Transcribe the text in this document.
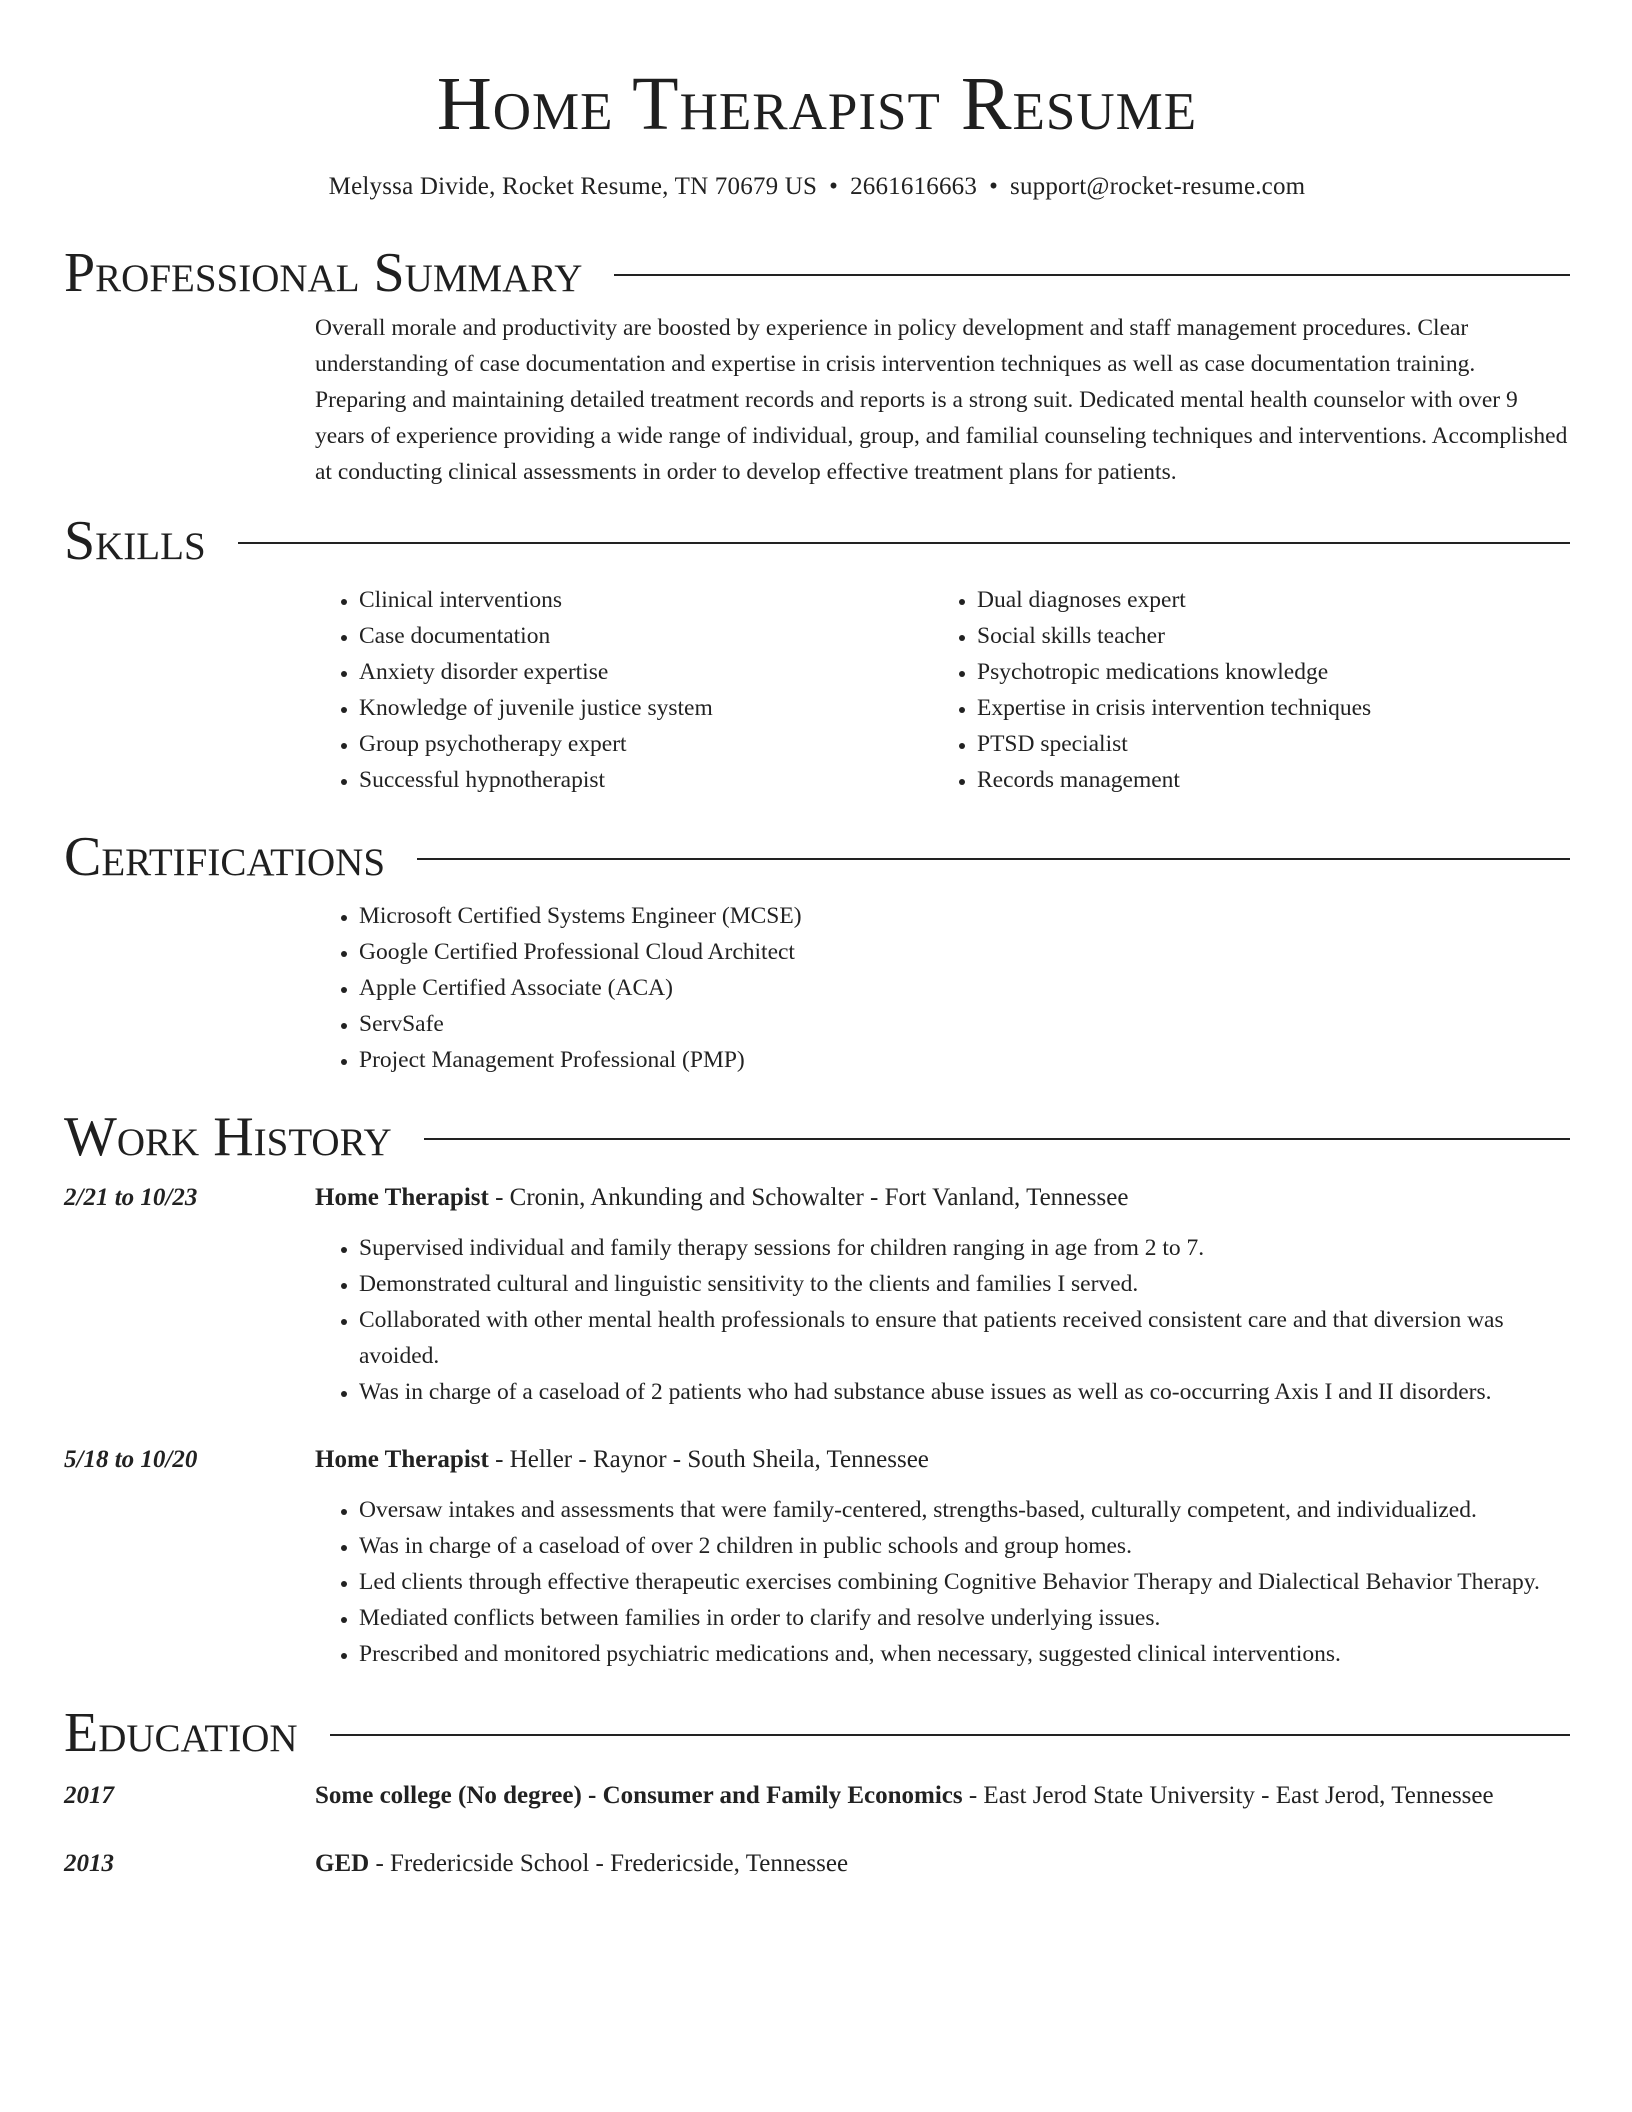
Home Therapist Resume
Melyssa Divide, Rocket Resume, TN 70679 US • 2661616663 • support@rocket-resume.com
Professional Summary

Overall morale and productivity are boosted by experience in policy development and staff management procedures. Clear understanding of case documentation and expertise in crisis intervention techniques as well as case documentation training. Preparing and maintaining detailed treatment records and reports is a strong suit. Dedicated mental health counselor with over 9 years of experience providing a wide range of individual, group, and familial counseling techniques and interventions. Accomplished at conducting clinical assessments in order to develop effective treatment plans for patients.

Skills
• Clinical interventions
• Case documentation
• Anxiety disorder expertise
• Knowledge of juvenile justice system
• Group psychotherapy expert
• Successful hypnotherapist
• Dual diagnoses expert
• Social skills teacher
• Psychotropic medications knowledge
• Expertise in crisis intervention techniques
• PTSD specialist
• Records management
Certifications
• Microsoft Certified Systems Engineer (MCSE)
• Google Certified Professional Cloud Architect
• Apple Certified Associate (ACA)
• ServSafe
• Project Management Professional (PMP)
Work History
2/21 to 10/23	Home Therapist - Cronin, Ankunding and Schowalter - Fort Vanland, Tennessee
• Supervised individual and family therapy sessions for children ranging in age from 2 to 7.
• Demonstrated cultural and linguistic sensitivity to the clients and families I served.
• Collaborated with other mental health professionals to ensure that patients received consistent care and that diversion was avoided.
• Was in charge of a caseload of 2 patients who had substance abuse issues as well as co-occurring Axis I and II disorders.
5/18 to 10/20	Home Therapist - Heller - Raynor - South Sheila, Tennessee
• Oversaw intakes and assessments that were family-centered, strengths-based, culturally competent, and individualized.
• Was in charge of a caseload of over 2 children in public schools and group homes.
• Led clients through effective therapeutic exercises combining Cognitive Behavior Therapy and Dialectical Behavior Therapy.
• Mediated conflicts between families in order to clarify and resolve underlying issues.
• Prescribed and monitored psychiatric medications and, when necessary, suggested clinical interventions.
Education
2017	Some college (No degree) - Consumer and Family Economics - East Jerod State University - East Jerod, Tennessee
2013	GED - Fredericside School - Fredericside, Tennessee
